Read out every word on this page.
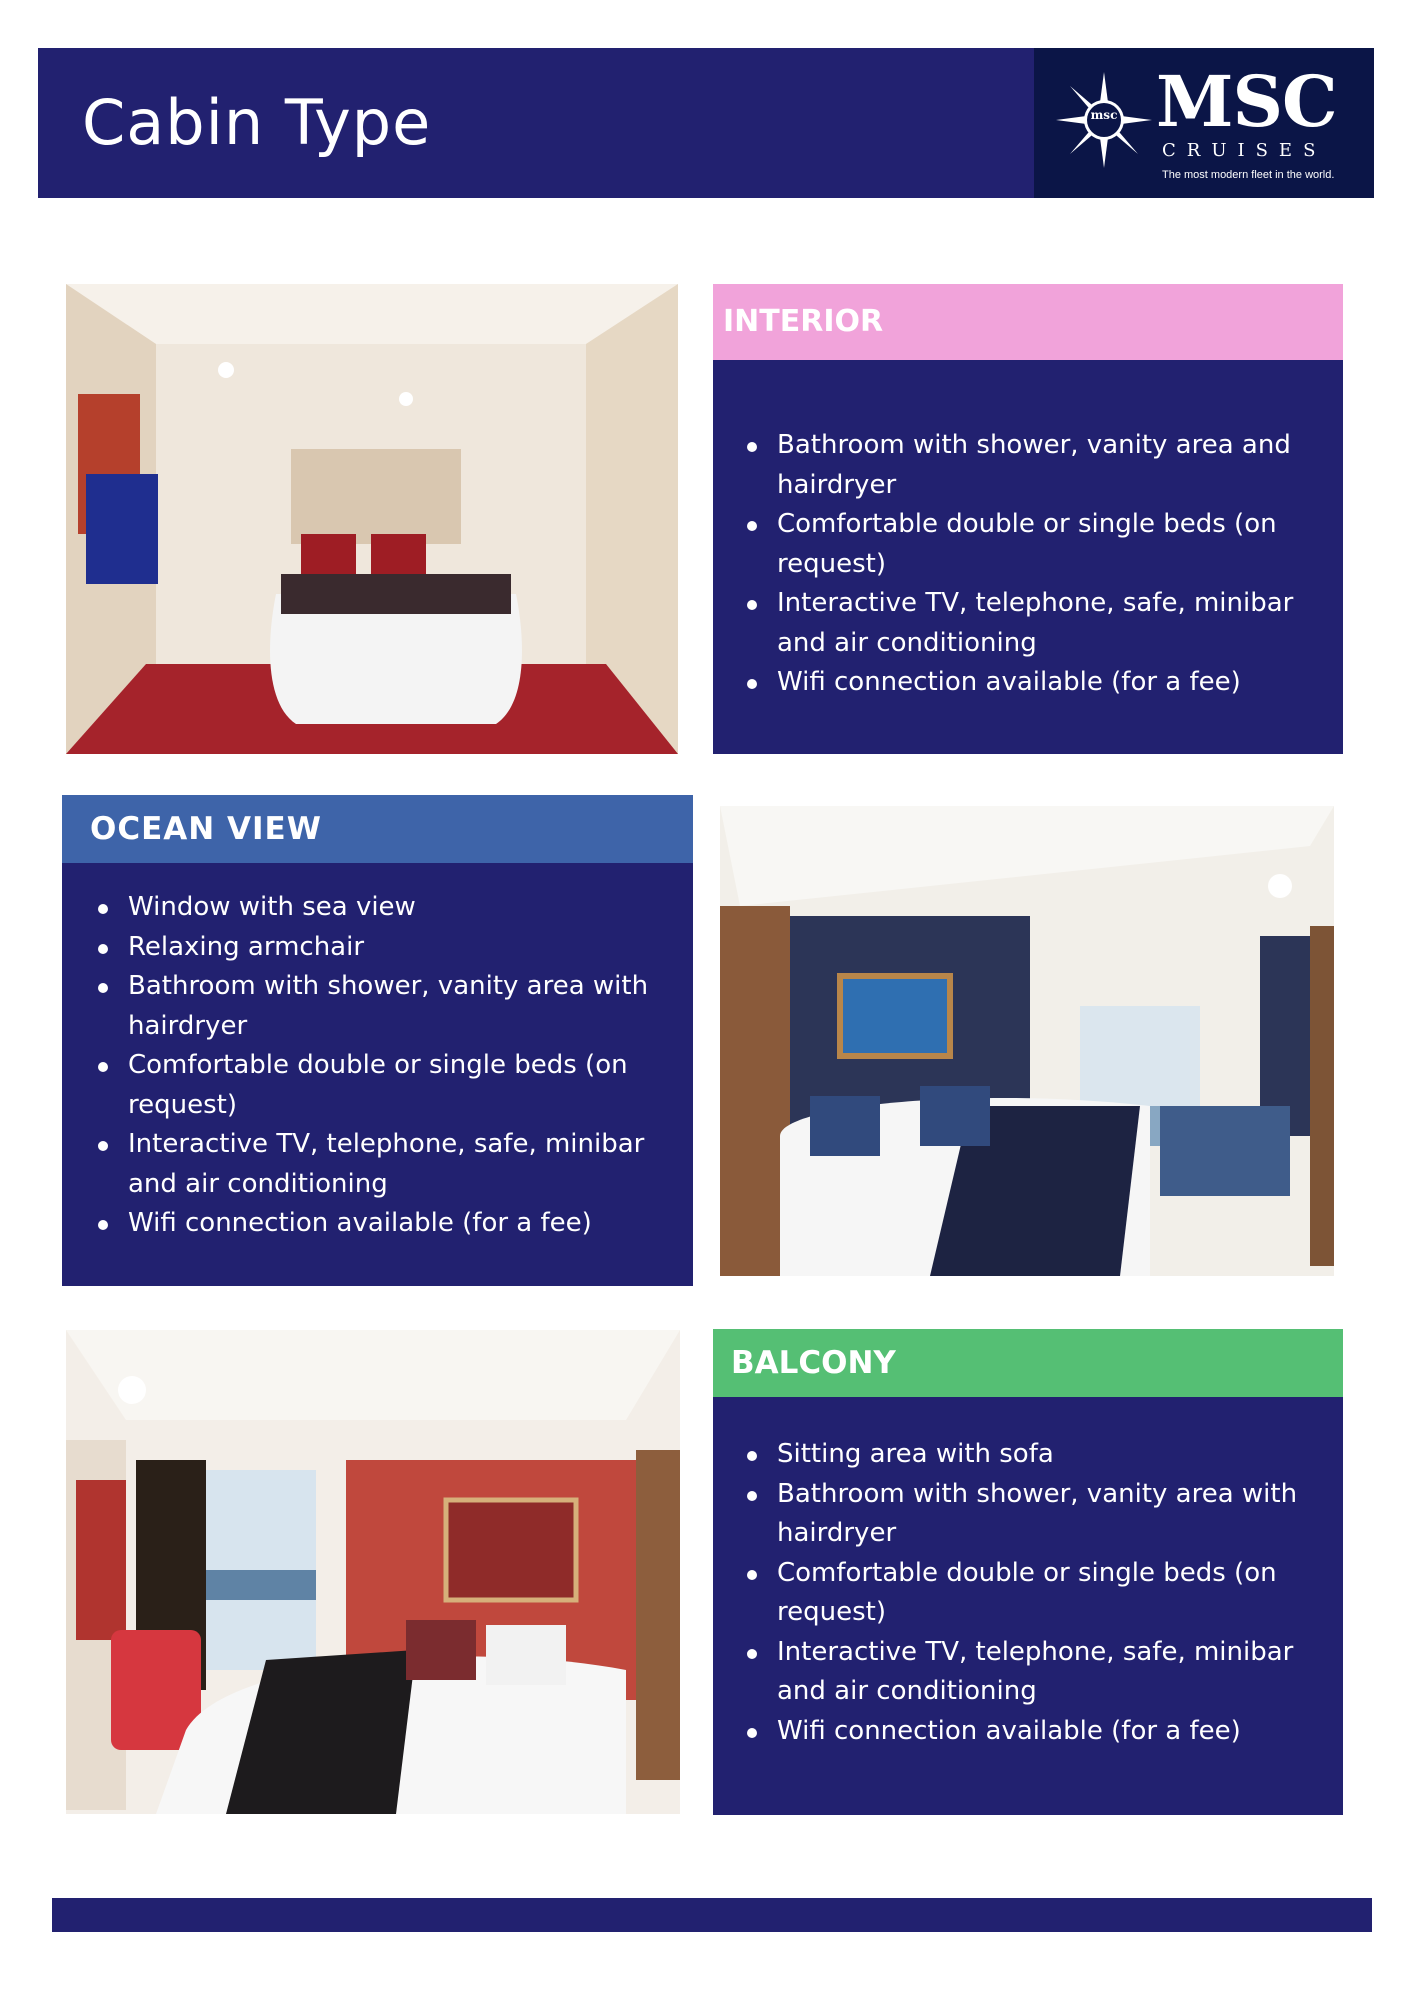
Cabin Type	msc MSC
CRUISES
The most modern fleet in the world.
INTERIOR
Bathroom with shower, vanity area and hairdryer
Comfortable double or single beds (on request)
Interactive TV, telephone, safe, minibar and air conditioning
Wifi connection available (for a fee)
OCEAN VIEW
Window with sea view
Relaxing armchair
Bathroom with shower, vanity area with hairdryer
Comfortable double or single beds (on request)
Interactive TV, telephone, safe, minibar and air conditioning
Wifi connection available (for a fee)
BALCONY
Sitting area with sofa
Bathroom with shower, vanity area with hairdryer
Comfortable double or single beds (on request)
Interactive TV, telephone, safe, minibar and air conditioning
Wifi connection available (for a fee)
